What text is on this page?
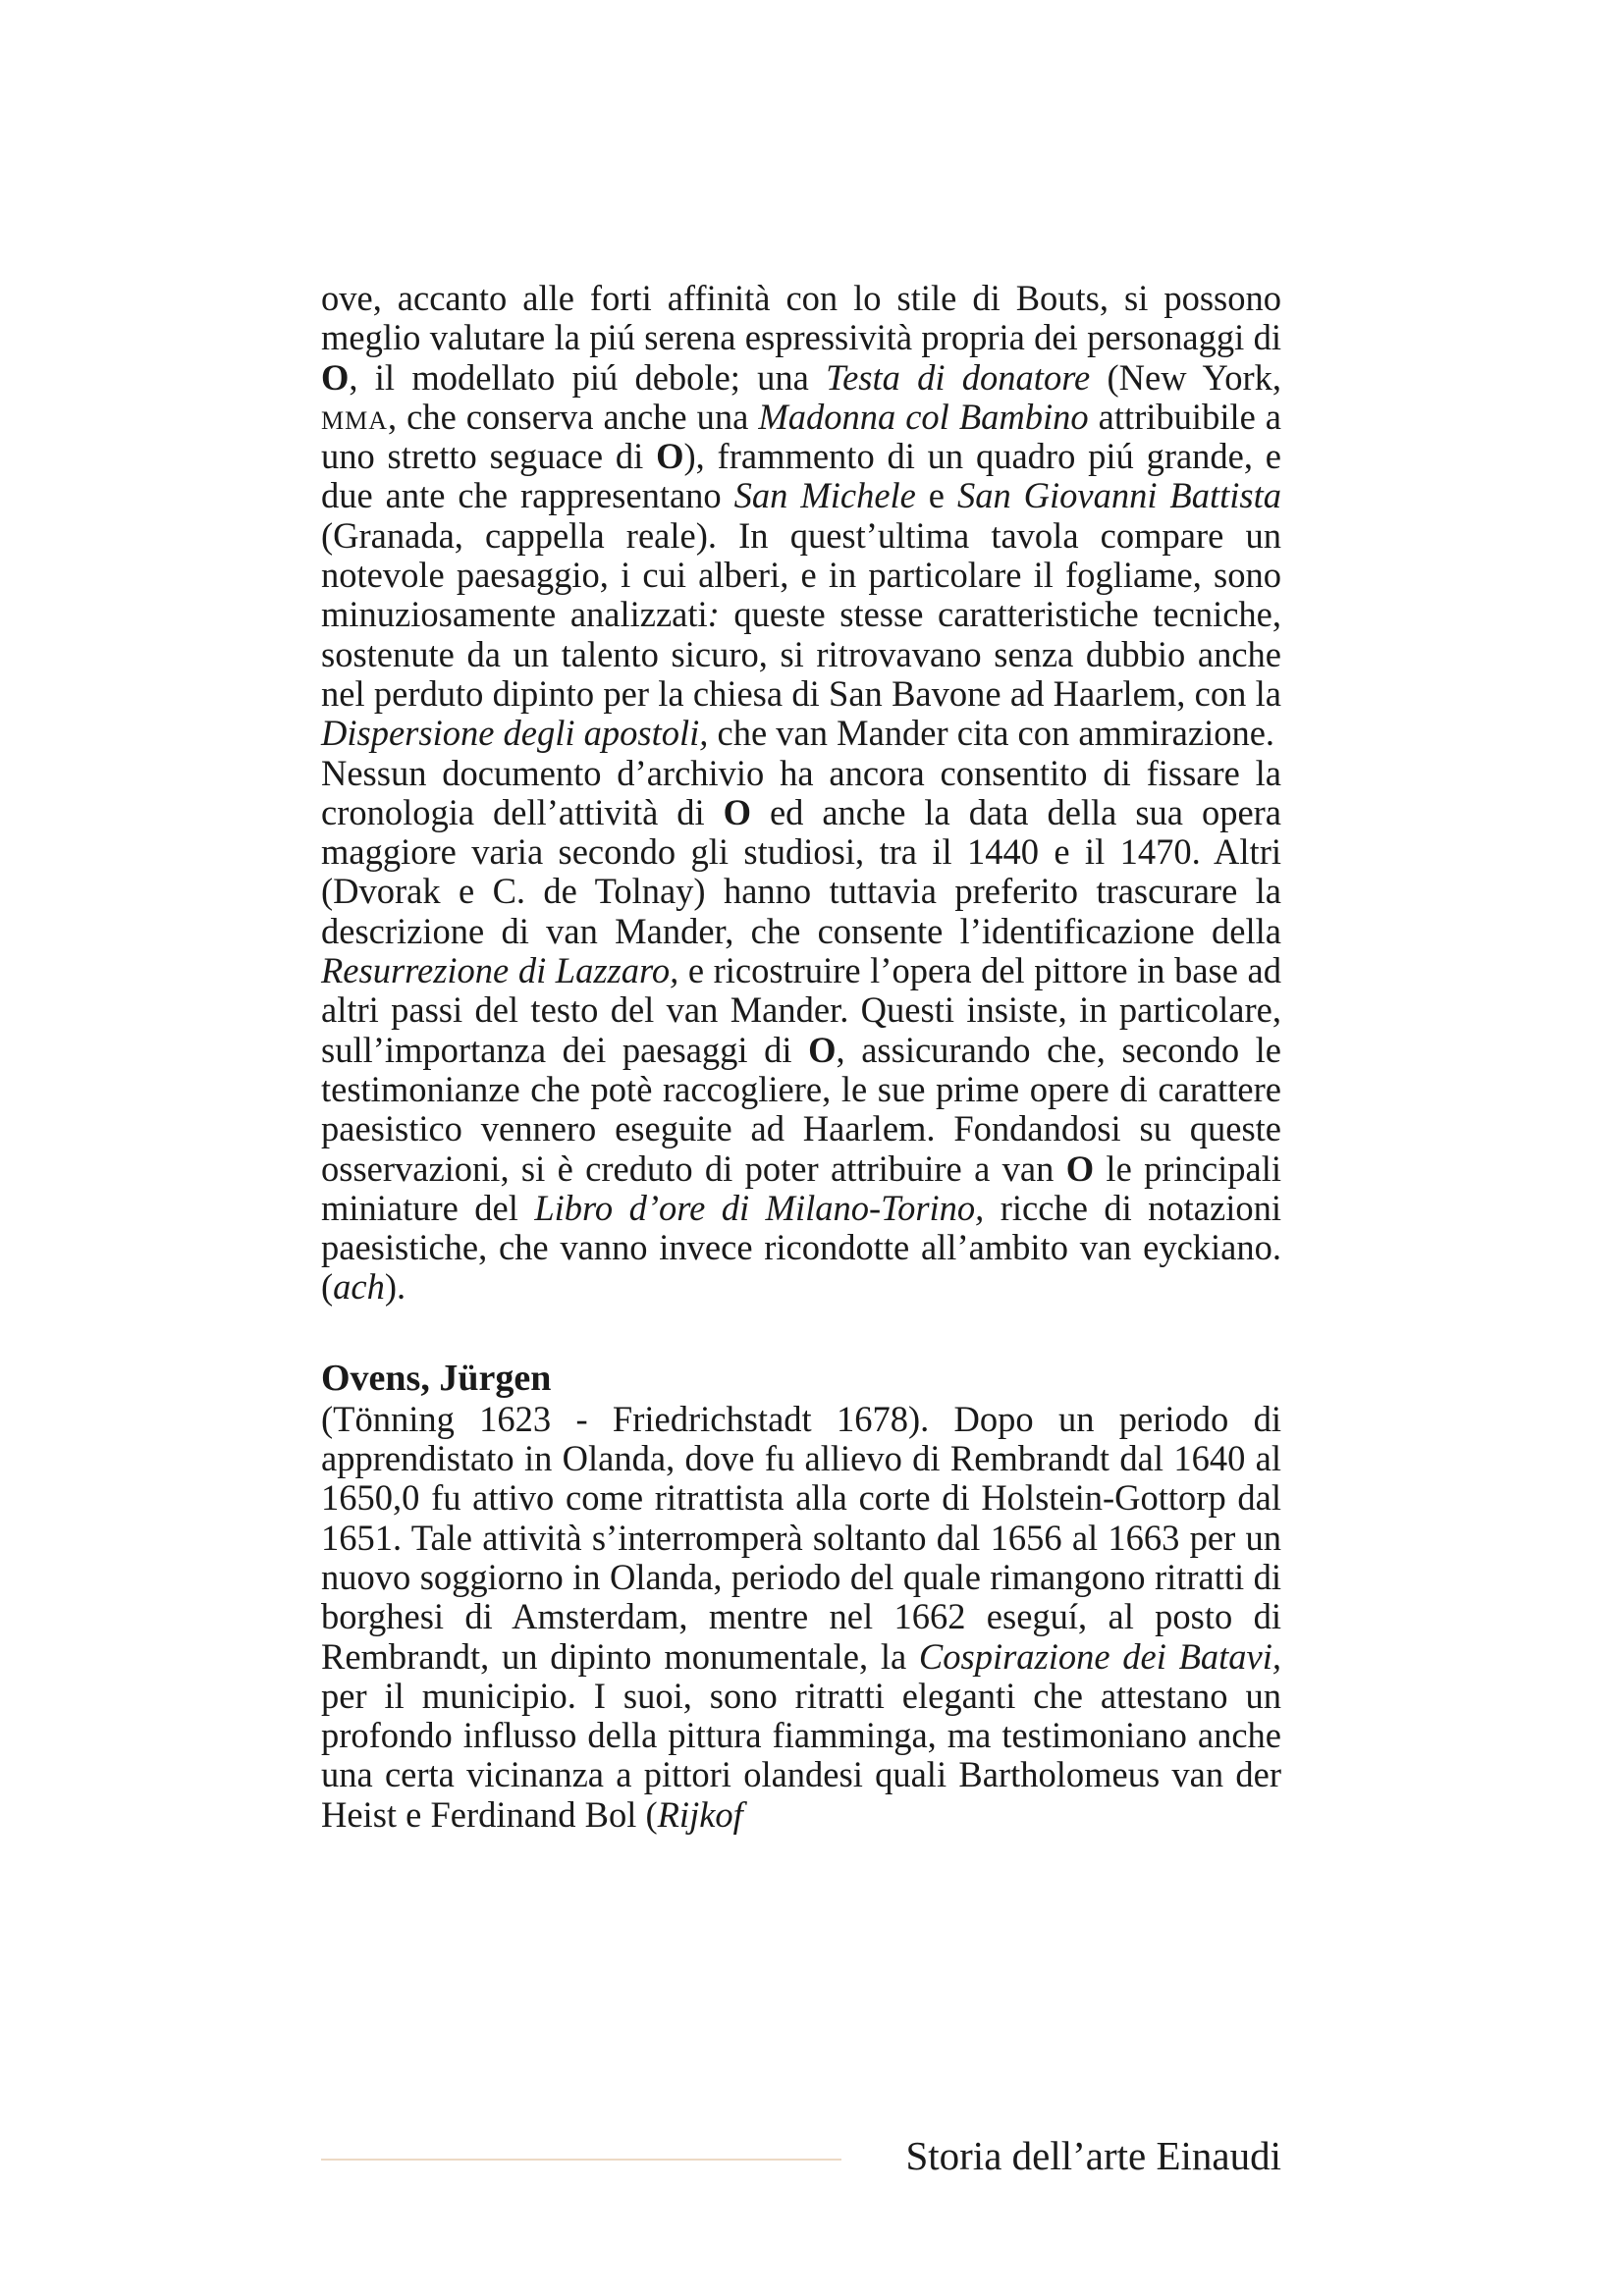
ove, accanto alle forti affinità con lo stile di Bouts, si possono meglio valutare la piú serena espressività propria dei personaggi di O, il modellato piú debole; una Testa di donatore (New York, mma, che conserva anche una Madonna col Bambino attribuibile a uno stretto seguace di O), frammento di un quadro piú grande, e due ante che rappresentano San Michele e San Giovanni Battista (Granada, cappella reale). In quest’ultima tavola compare un notevole paesaggio, i cui alberi, e in particolare il fogliame, sono minuziosamente analizzati: queste stesse caratteristiche tecniche, sostenute da un talento sicuro, si ritrovavano senza dubbio anche nel perduto dipinto per la chiesa di San Bavone ad Haarlem, con la Dispersione degli apostoli, che van Mander cita con ammirazione.

Nessun documento d’archivio ha ancora consentito di fissare la cronologia dell’attività di O ed anche la data della sua opera maggiore varia secondo gli studiosi, tra il 1440 e il 1470. Altri (Dvorak e C. de Tolnay) hanno tuttavia preferito trascurare la descrizione di van Mander, che consente l’identificazione della Resurrezione di Lazzaro, e ricostruire l’opera del pittore in base ad altri passi del testo del van Mander. Questi insiste, in particolare, sull’importanza dei paesaggi di O, assicurando che, secondo le testimonianze che potè raccogliere, le sue prime opere di carattere paesistico vennero eseguite ad Haarlem. Fondandosi su queste osservazioni, si è creduto di poter attribuire a van O le principali miniature del Libro d’ore di Milano-Torino, ricche di notazioni paesistiche, che vanno invece ricondotte all’ambito van eyckiano. (ach).

Ovens, Jürgen

(Tönning 1623 - Friedrichstadt 1678). Dopo un periodo di apprendistato in Olanda, dove fu allievo di Rembrandt dal 1640 al 1650,0 fu attivo come ritrattista alla corte di Holstein-Gottorp dal 1651. Tale attività s’interromperà soltanto dal 1656 al 1663 per un nuovo soggiorno in Olanda, periodo del quale rimangono ritratti di borghesi di Amsterdam, mentre nel 1662 eseguí, al posto di Rembrandt, un dipinto monumentale, la Cospirazione dei Batavi, per il municipio. I suoi, sono ritratti eleganti che attestano un profondo influsso della pittura fiamminga, ma testimoniano anche una certa vicinanza a pittori olandesi quali Bartholomeus van der Heist e Ferdinand Bol (Rijkof

Storia dell’arte Einaudi
